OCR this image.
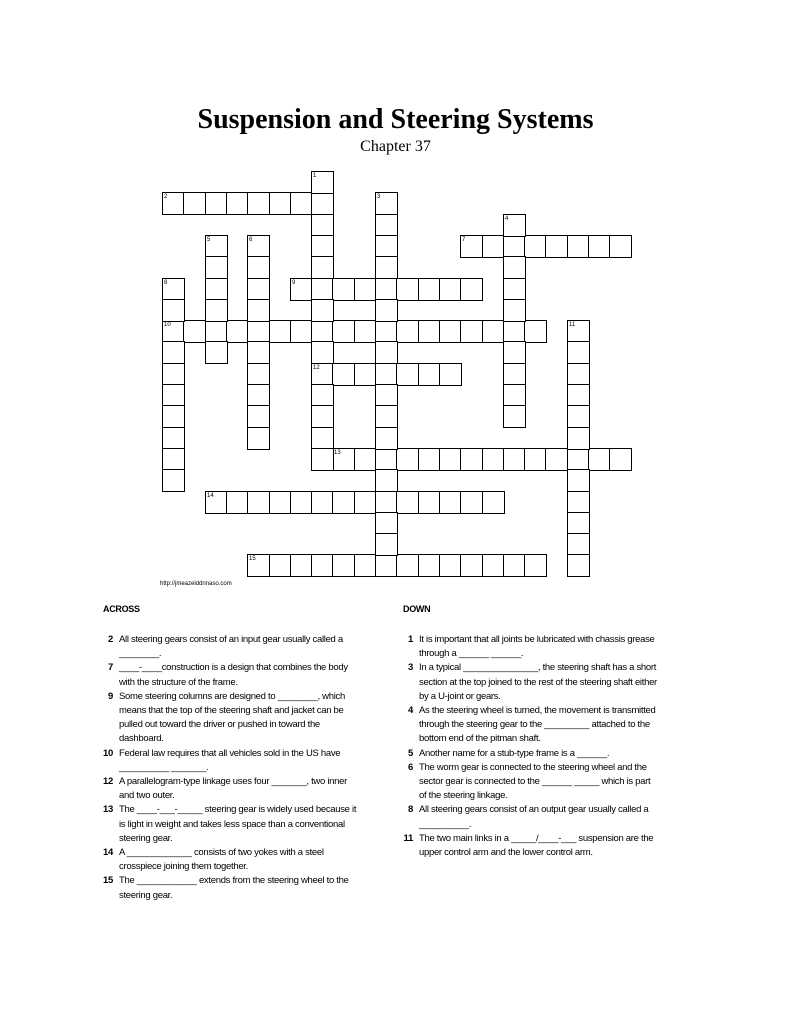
Suspension and Steering Systems
Chapter 37
2
7
9
10
12
13
14
15
1
3
4
5	6
8
11
http://jmeazelddnnaso.com
ACROSS	DOWN
2 All steering gears consist of an input gear usually called a ________.
7 ____-____construction is a design that combines the body with the structure of the frame.
9 Some steering columns are designed to ________, which means that the top of the steering shaft and jacket can be pulled out toward the driver or pushed in toward the dashboard.
10 Federal law requires that all vehicles sold in the US have __________ _______.
12 A parallelogram-type linkage uses four _______, two inner and two outer.
13 The ____-___-_____ steering gear is widely used because it is light in weight and takes less space than a conventional steering gear.
14 A _____________ consists of two yokes with a steel crosspiece joining them together.
15 The ____________ extends from the steering wheel to the steering gear.
1 It is important that all joints be lubricated with chassis grease through a ______ ______.
3 In a typical _______________, the steering shaft has a short section at the top joined to the rest of the steering shaft either by a U-joint or gears.
4 As the steering wheel is turned, the movement is transmitted through the steering gear to the _________ attached to the bottom end of the pitman shaft.
5 Another name for a stub-type frame is a ______.
6 The worm gear is connected to the steering wheel and the sector gear is connected to the ______ _____ which is part of the steering linkage.
8 All steering gears consist of an output gear usually called a __________.
11 The two main links in a _____/____-___ suspension are the upper control arm and the lower control arm.
